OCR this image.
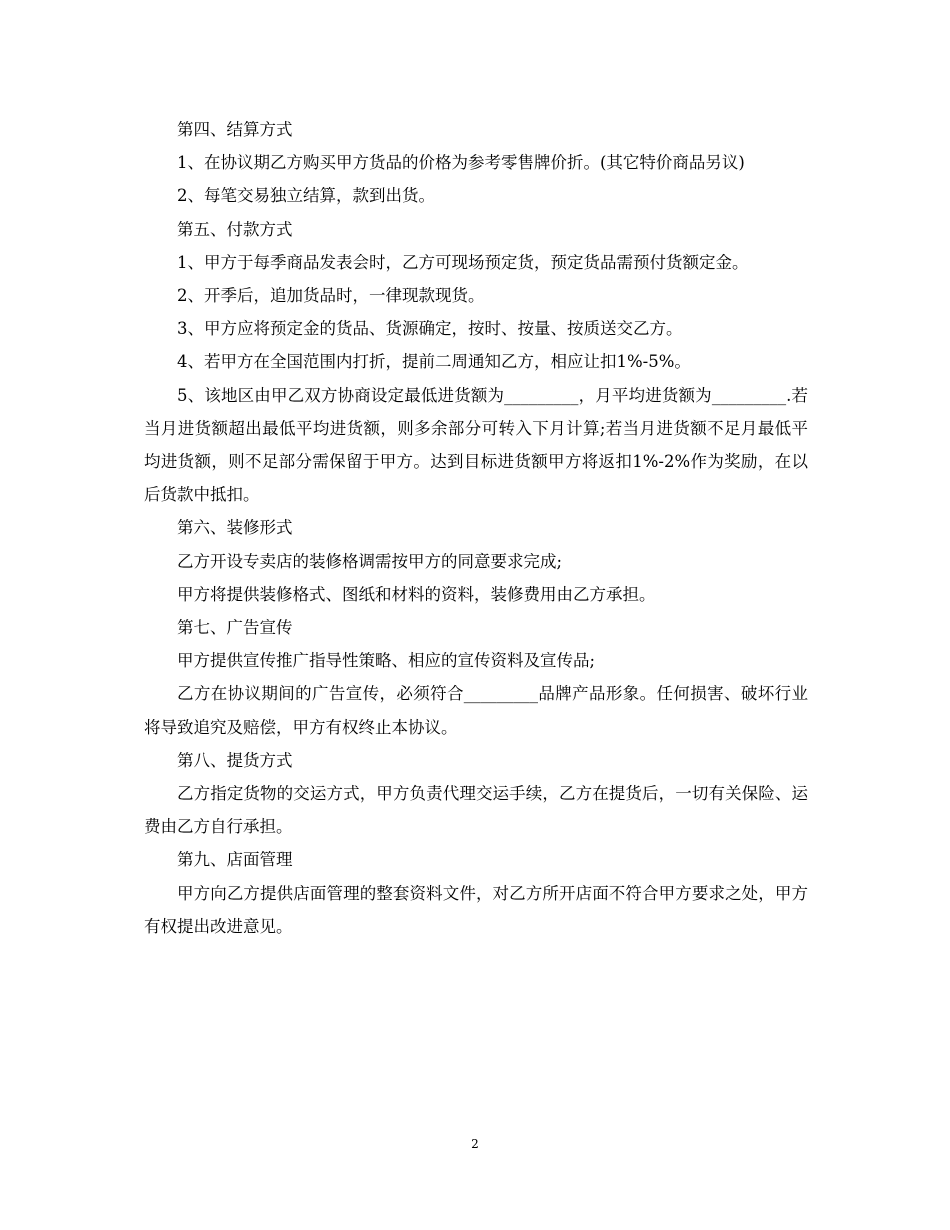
第四、结算方式

1、在协议期乙方购买甲方货品的价格为参考零售牌价折。(其它特价商品另议)

2、每笔交易独立结算，款到出货。

第五、付款方式

1、甲方于每季商品发表会时，乙方可现场预定货，预定货品需预付货额定金。

2、开季后，追加货品时，一律现款现货。

3、甲方应将预定金的货品、货源确定，按时、按量、按质送交乙方。

4、若甲方在全国范围内打折，提前二周通知乙方，相应让扣1%-5%。

5、该地区由甲乙双方协商设定最低进货额为_________，月平均进货额为_________.若当月进货额超出最低平均进货额，则多余部分可转入下月计算;若当月进货额不足月最低平均进货额，则不足部分需保留于甲方。达到目标进货额甲方将返扣1%-2%作为奖励，在以后货款中抵扣。

第六、装修形式

乙方开设专卖店的装修格调需按甲方的同意要求完成;

甲方将提供装修格式、图纸和材料的资料，装修费用由乙方承担。

第七、广告宣传

甲方提供宣传推广指导性策略、相应的宣传资料及宣传品;

乙方在协议期间的广告宣传，必须符合_________品牌产品形象。任何损害、破坏行业将导致追究及赔偿，甲方有权终止本协议。

第八、提货方式

乙方指定货物的交运方式，甲方负责代理交运手续，乙方在提货后，一切有关保险、运费由乙方自行承担。

第九、店面管理

甲方向乙方提供店面管理的整套资料文件，对乙方所开店面不符合甲方要求之处，甲方有权提出改进意见。

2
